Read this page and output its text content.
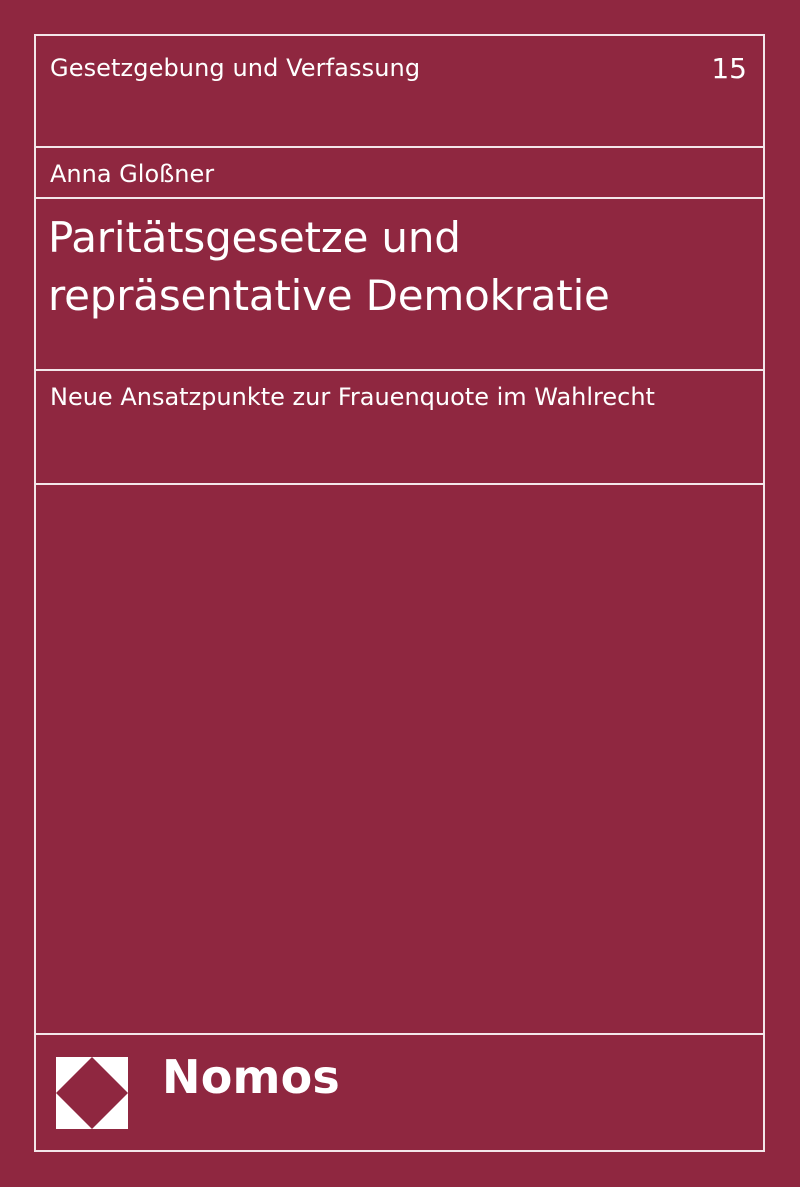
Gesetzgebung und Verfassung	15
Anna Gloßner
Paritätsgesetze und
repräsentative Demokratie
Neue Ansatzpunkte zur Frauenquote im Wahlrecht
Nomos
